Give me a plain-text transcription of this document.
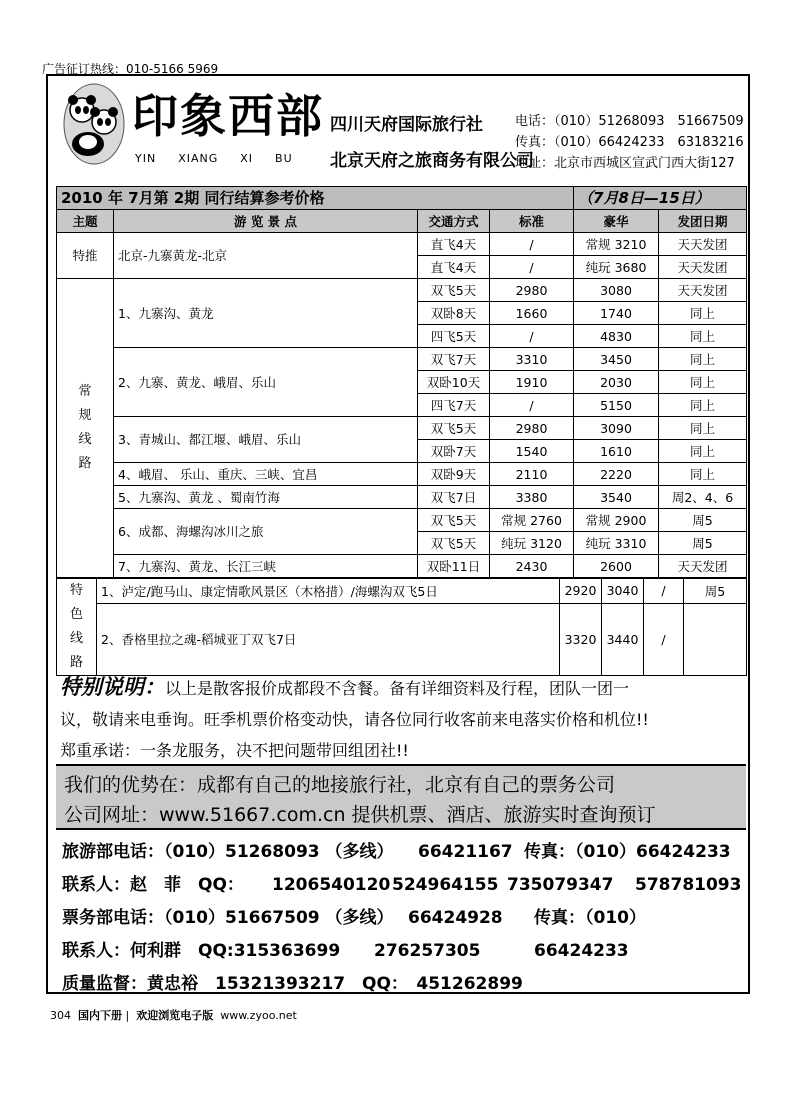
广告征订热线：010-5166 5969
印象西部
YIN XIANG XI BU
四川天府国际旅行社
北京天府之旅商务有限公司
电话：（010）51268093　51667509
传真：（010）66424233　63183216
地址：北京市西城区宣武门西大街127
2010 年 7月第 2期 同行结算参考价格				（7月8日—15日）	
主题	游 览 景 点	交通方式	标准	豪华	发团日期
特推	北京-九寨黄龙-北京	直飞4天	/	常规 3210	天天发团
		直飞4天	/	纯玩 3680	天天发团
常规线路	1、九寨沟、黄龙	双飞5天	2980	3080	天天发团
		双卧8天	1660	1740	同上
		四飞5天	/	4830	同上
	2、九寨、黄龙、峨眉、乐山	双飞7天	3310	3450	同上
		双卧10天	1910	2030	同上
		四飞7天	/	5150	同上
	3、青城山、都江堰、峨眉、乐山	双飞5天	2980	3090	同上
		双卧7天	1540	1610	同上
	4、峨眉、 乐山、重庆、三峡、宜昌	双卧9天	2110	2220	同上
	5、九寨沟、黄龙 、蜀南竹海	双飞7日	3380	3540	周2、4、6
	6、成都、海螺沟冰川之旅	双飞5天	常规 2760	常规 2900	周5
		双飞5天	纯玩 3120	纯玩 3310	周5
	7、九寨沟、黄龙、长江三峡	双卧11日	2430	2600	天天发团
特色线路	1、泸定/跑马山、康定情歌风景区（木格措）/海螺沟双飞5日	2920	3040	/	周5
	2、香格里拉之魂-稻城亚丁双飞7日	3320	3440	/	
特别说明：以上是散客报价成都段不含餐。备有详细资料及行程，团队一团一
议，敬请来电垂询。旺季机票价格变动快，请各位同行收客前来电落实价格和机位!!
郑重承诺：一条龙服务，决不把问题带回组团社!!
我们的优势在：成都有自己的地接旅行社，北京有自己的票务公司
公司网址：www.51667.com.cn 提供机票、酒店、旅游实时查询预订
旅游部电话：（010）51268093 （多线） 66421167 传真：（010）66424233
联系人：赵　菲　QQ： 1206540120 524964155 735079347 578781093
票务部电话：（010）51667509 （多线） 66424928 传真：（010）　66424233
联系人：何利群　QQ:315363699 276257305
质量监督：黄忠裕　15321393217 QQ：　451262899
304 国内下册 |  欢迎浏览电子版 www.zyoo.net
